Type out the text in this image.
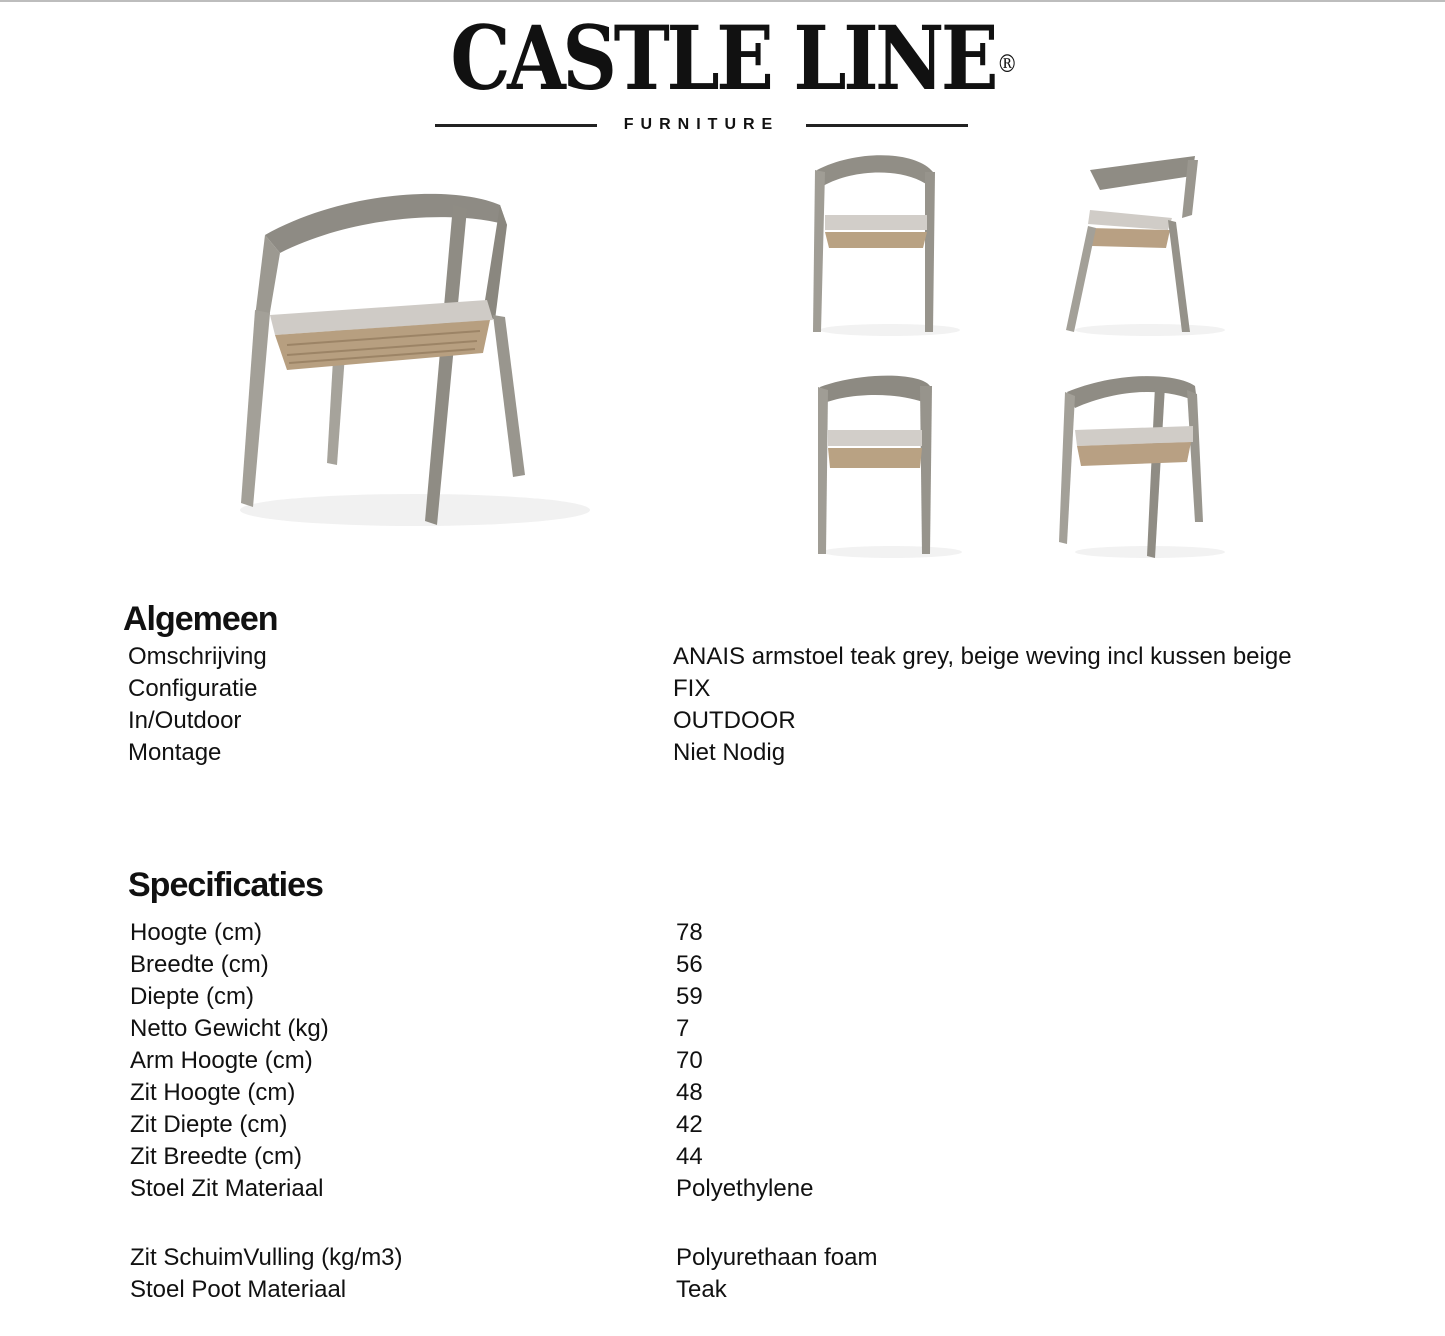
CASTLE LINE ®
FURNITURE
Algemeen
Omschrijving	ANAIS armstoel teak grey, beige weving incl kussen beige
Configuratie	FIX
In/Outdoor	OUTDOOR
Montage	Niet Nodig
Specificaties
Hoogte (cm)	78
Breedte (cm)	56
Diepte (cm)	59
Netto Gewicht (kg)	7
Arm Hoogte (cm)	70
Zit Hoogte (cm)	48
Zit Diepte (cm)	42
Zit Breedte (cm)	44
Stoel Zit Materiaal	Polyethylene
Zit SchuimVulling (kg/m3)	Polyurethaan foam
Stoel Poot Materiaal	Teak
